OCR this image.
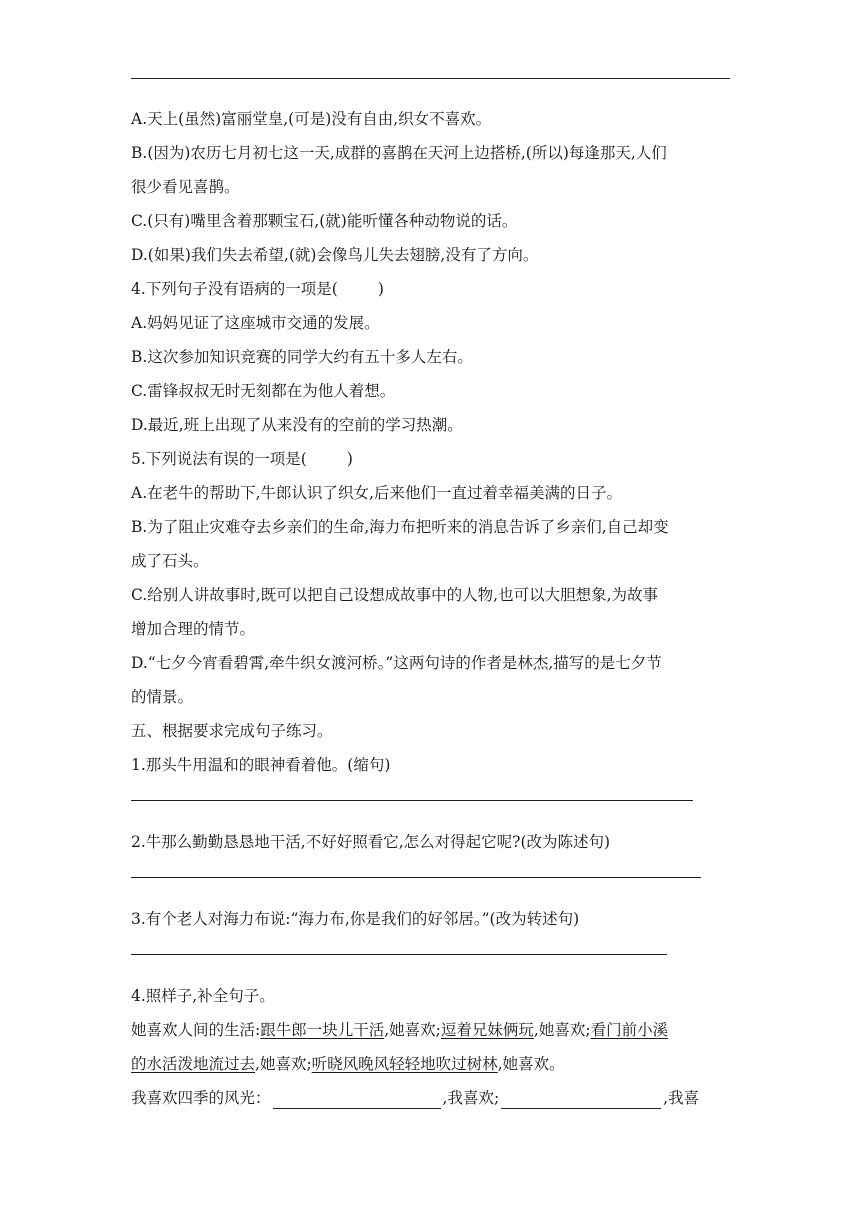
A.天上(虽然)富丽堂皇,(可是)没有自由,织女不喜欢。
B.(因为)农历七月初七这一天,成群的喜鹊在天河上边搭桥,(所以)每逢那天,人们
很少看见喜鹊。
C.(只有)嘴里含着那颗宝石,(就)能听懂各种动物说的话。
D.(如果)我们失去希望,(就)会像鸟儿失去翅膀,没有了方向。
4.下列句子没有语病的一项是(	)
A.妈妈见证了这座城市交通的发展。
B.这次参加知识竞赛的同学大约有五十多人左右。
C.雷锋叔叔无时无刻都在为他人着想。
D.最近,班上出现了从来没有的空前的学习热潮。
5.下列说法有误的一项是(	)
A.在老牛的帮助下,牛郎认识了织女,后来他们一直过着幸福美满的日子。
B.为了阻止灾难夺去乡亲们的生命,海力布把听来的消息告诉了乡亲们,自己却变
成了石头。
C.给别人讲故事时,既可以把自己设想成故事中的人物,也可以大胆想象,为故事
增加合理的情节。
D.“七夕今宵看碧霄,牵牛织女渡河桥。”这两句诗的作者是林杰,描写的是七夕节
的情景。
五、根据要求完成句子练习。
1.那头牛用温和的眼神看着他。(缩句)
2.牛那么勤勤恳恳地干活,不好好照看它,怎么对得起它呢?(改为陈述句)
3.有个老人对海力布说:“海力布,你是我们的好邻居。”(改为转述句)
4.照样子,补全句子。
她喜欢人间的生活:跟牛郎一块儿干活,她喜欢;逗着兄妹俩玩,她喜欢;看门前小溪
的水活泼地流过去,她喜欢;听晓风晚风轻轻地吹过树林,她喜欢。
我喜欢四季的风光：	,我喜欢;	,我喜
